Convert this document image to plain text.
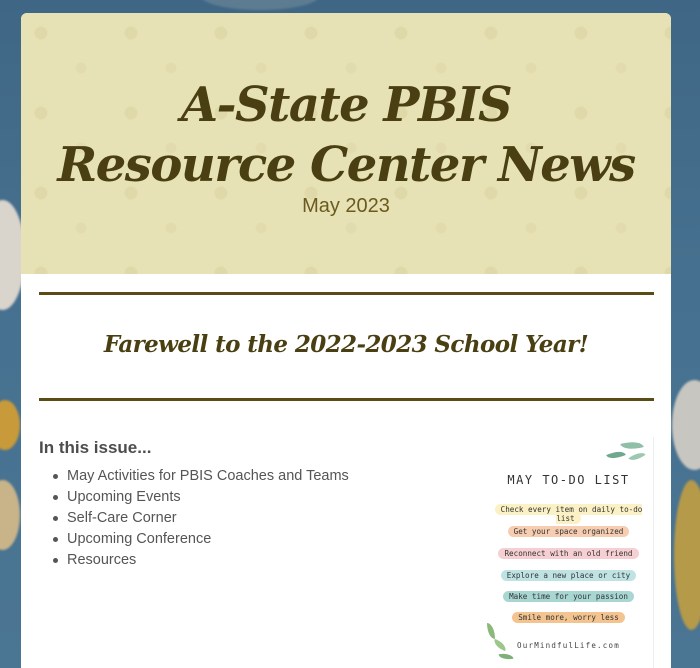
A-State PBIS
Resource Center News
May 2023
Farewell to the 2022-2023 School Year!
In this issue...
May Activities for PBIS Coaches and Teams
Upcoming Events
Self-Care Corner
Upcoming Conference
Resources
MAY TO-DO LIST
Check every item on daily to-do list
Get your space organized
Reconnect with an old friend
Explore a new place or city
Make time for your passion
Smile more, worry less
OurMindfulLife.com
